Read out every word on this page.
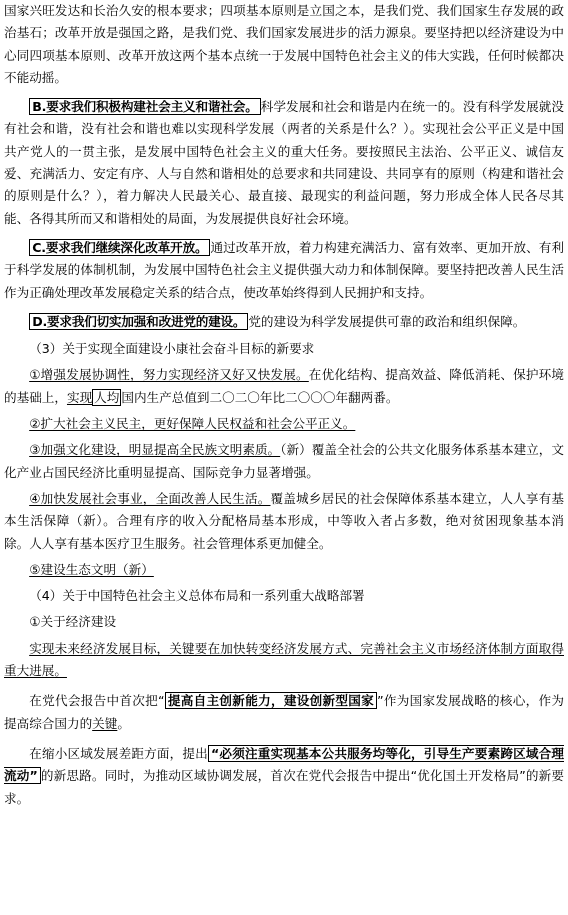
国家兴旺发达和长治久安的根本要求；四项基本原则是立国之本，是我们党、我们国家生存发展的政治基石；改革开放是强国之路，是我们党、我们国家发展进步的活力源泉。要坚持把以经济建设为中心同四项基本原则、改革开放这两个基本点统一于发展中国特色社会主义的伟大实践，任何时候都决不能动摇。

B.要求我们积极构建社会主义和谐社会。 科学发展和社会和谐是内在统一的。没有科学发展就没有社会和谐，没有社会和谐也难以实现科学发展（两者的关系是什么？）。实现社会公平正义是中国共产党人的一贯主张，是发展中国特色社会主义的重大任务。要按照民主法治、公平正义、诚信友爱、充满活力、安定有序、人与自然和谐相处的总要求和共同建设、共同享有的原则（构建和谐社会的原则是什么？），着力解决人民最关心、最直接、最现实的利益问题，努力形成全体人民各尽其能、各得其所而又和谐相处的局面，为发展提供良好社会环境。

C.要求我们继续深化改革开放。 通过改革开放，着力构建充满活力、富有效率、更加开放、有利于科学发展的体制机制，为发展中国特色社会主义提供强大动力和体制保障。要坚持把改善人民生活作为正确处理改革发展稳定关系的结合点，使改革始终得到人民拥护和支持。

D.要求我们切实加强和改进党的建设。 党的建设为科学发展提供可靠的政治和组织保障。

（3）关于实现全面建设小康社会奋斗目标的新要求

①增强发展协调性，努力实现经济又好又快发展。在优化结构、提高效益、降低消耗、保护环境的基础上，实现 人均 国内生产总值到二〇二〇年比二〇〇〇年翻两番。

②扩大社会主义民主，更好保障人民权益和社会公平正义。

③加强文化建设，明显提高全民族文明素质。（新）覆盖全社会的公共文化服务体系基本建立，文化产业占国民经济比重明显提高、国际竞争力显著增强。

④加快发展社会事业，全面改善人民生活。覆盖城乡居民的社会保障体系基本建立，人人享有基本生活保障（新）。合理有序的收入分配格局基本形成，中等收入者占多数，绝对贫困现象基本消除。人人享有基本医疗卫生服务。社会管理体系更加健全。

⑤建设生态文明（新）

（4）关于中国特色社会主义总体布局和一系列重大战略部署

①关于经济建设

实现未来经济发展目标，关键要在加快转变经济发展方式、完善社会主义市场经济体制方面取得重大进展。

在党代会报告中首次把“ 提高自主创新能力，建设创新型国家 ”作为国家发展战略的核心，作为提高综合国力的关键。

在缩小区域发展差距方面，提出 “必须注重实现基本公共服务均等化，引导生产要素跨区域合理流动” 的新思路。同时，为推动区域协调发展，首次在党代会报告中提出“优化国土开发格局”的新要求。
